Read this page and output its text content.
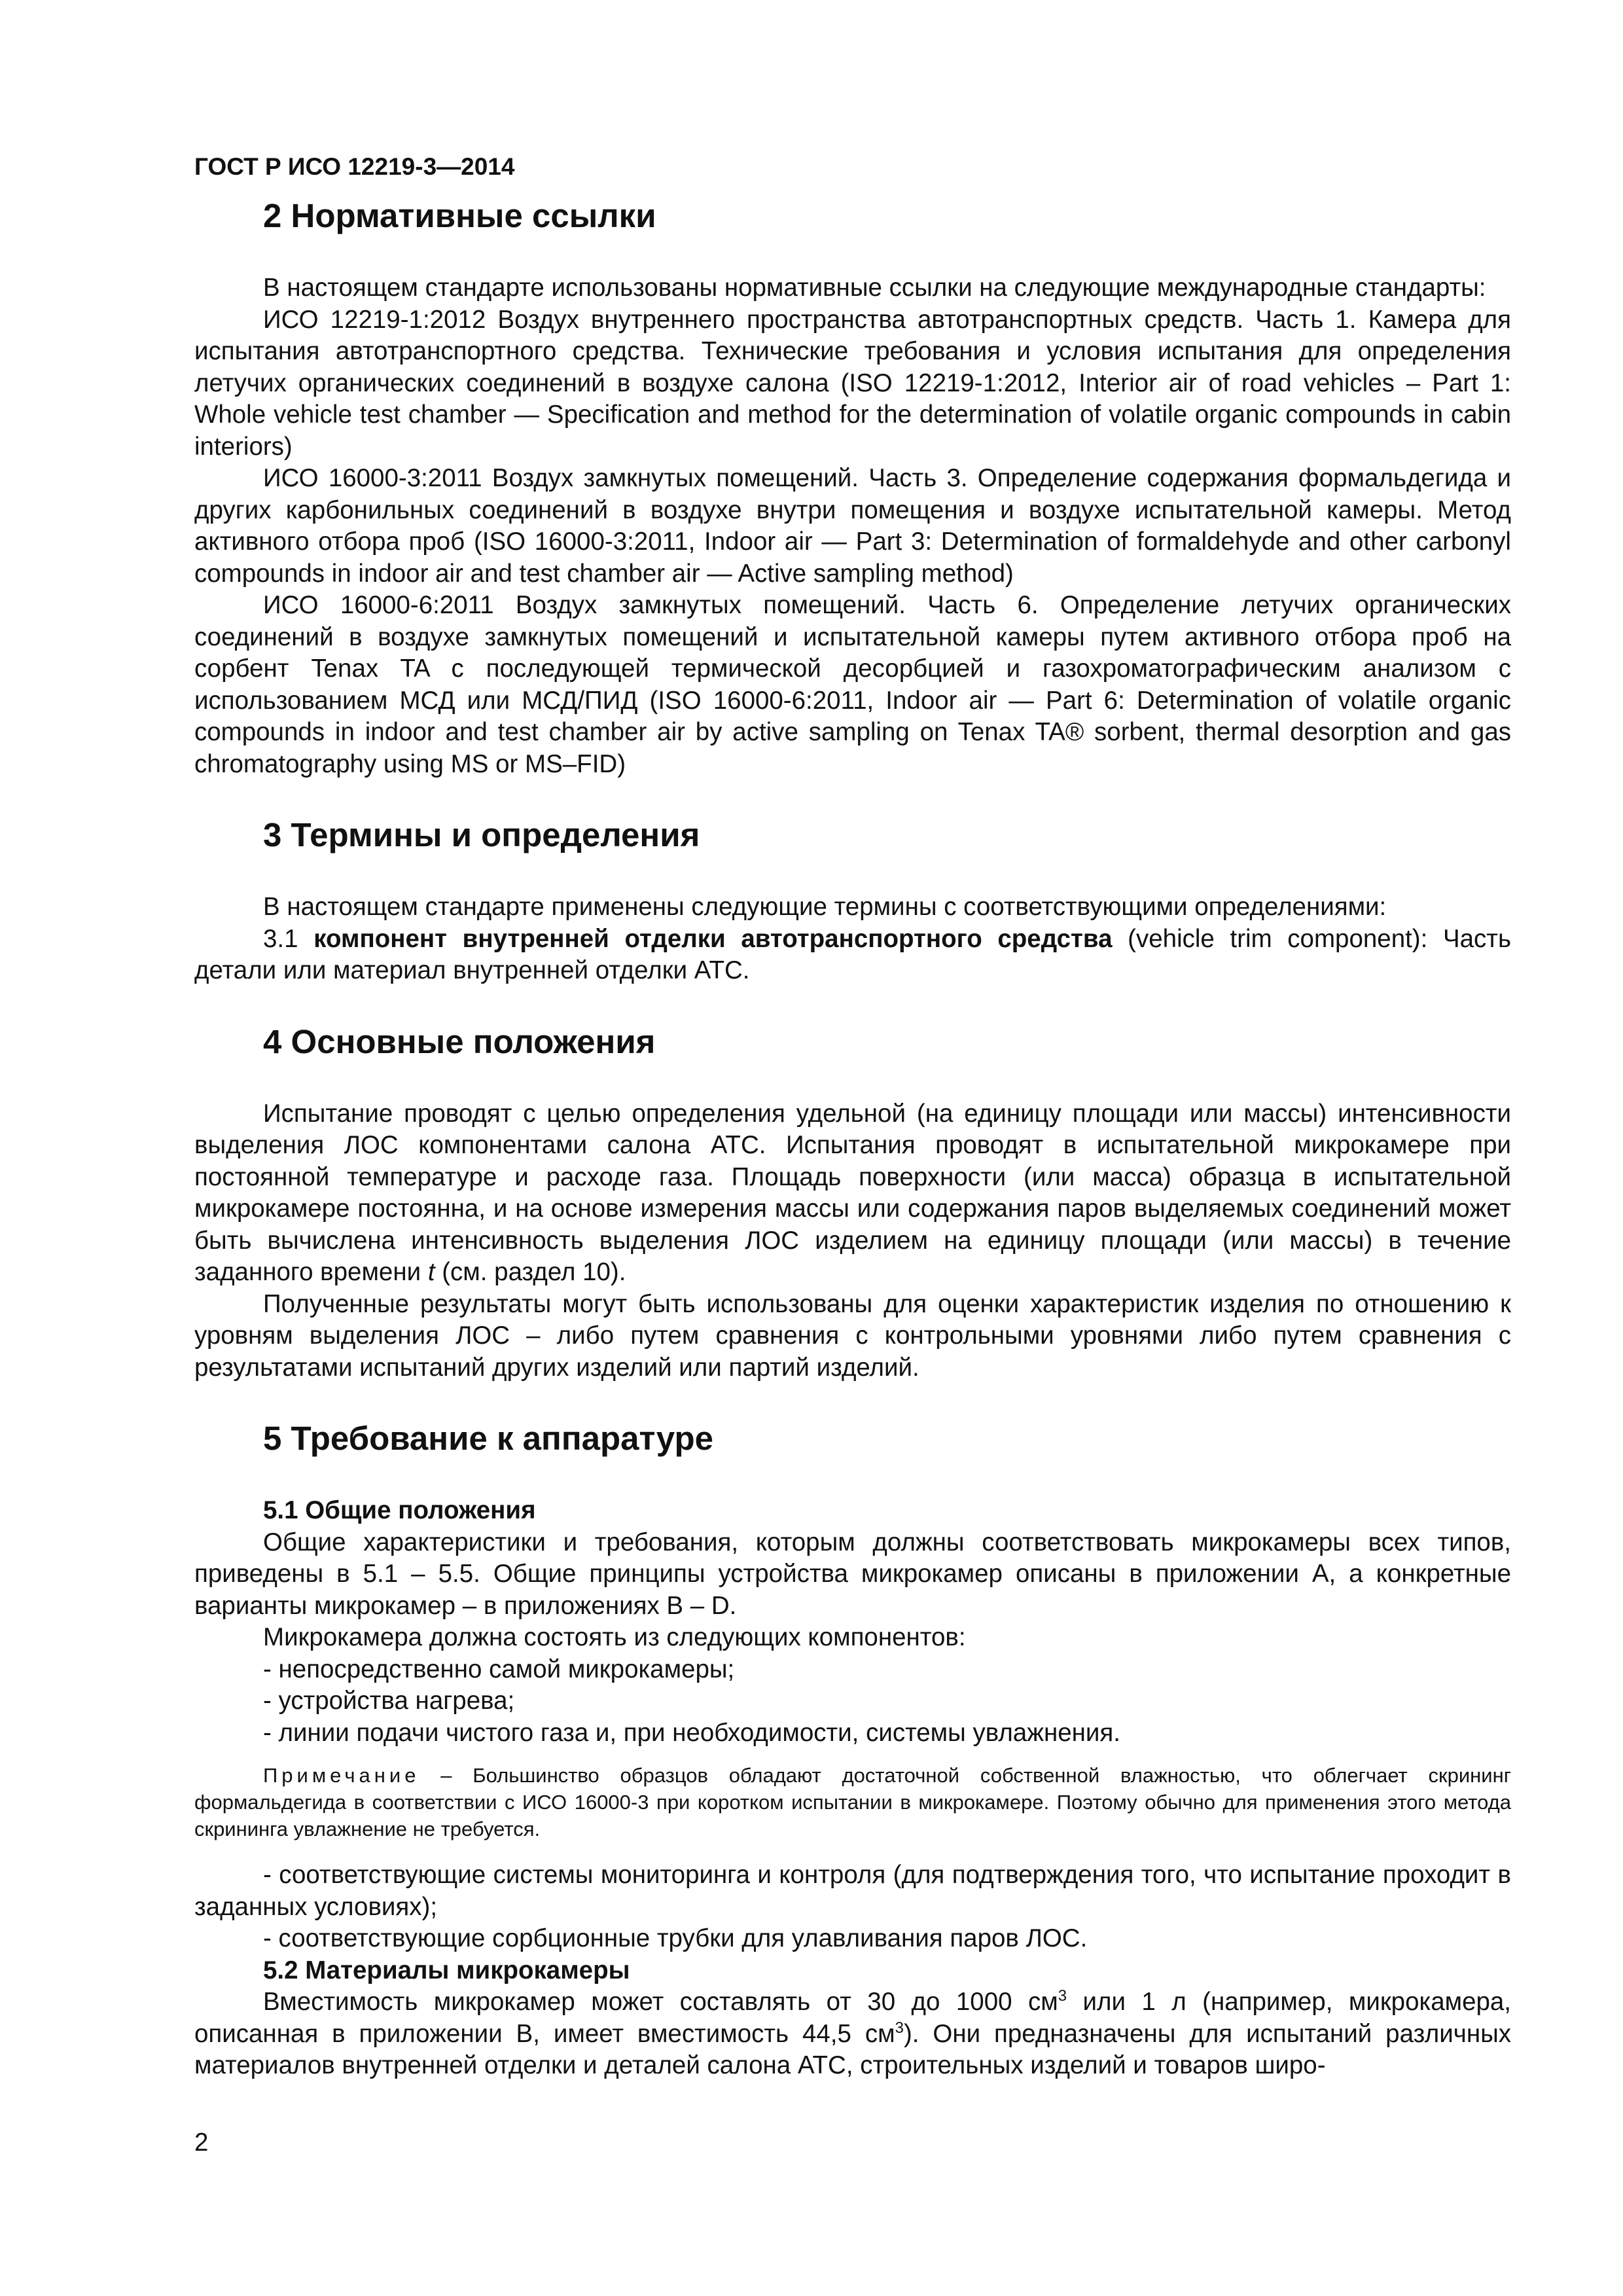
ГОСТ Р ИСО 12219-3—2014
2 Нормативные ссылки

В настоящем стандарте использованы нормативные ссылки на следующие международные стандарты:

ИСО 12219-1:2012 Воздух внутреннего пространства автотранспортных средств. Часть 1. Камера для испытания автотранспортного средства. Технические требования и условия испытания для определения летучих органических соединений в воздухе салона (ISO 12219-1:2012, Interior air of road vehicles – Part 1: Whole vehicle test chamber — Specification and method for the determination of volatile organic compounds in cabin interiors)

ИСО 16000-3:2011 Воздух замкнутых помещений. Часть 3. Определение содержания формальдегида и других карбонильных соединений в воздухе внутри помещения и воздухе испытательной камеры. Метод активного отбора проб (ISO 16000-3:2011, Indoor air — Part 3: Determination of formaldehyde and other carbonyl compounds in indoor air and test chamber air — Active sampling method)

ИСО 16000-6:2011 Воздух замкнутых помещений. Часть 6. Определение летучих органических соединений в воздухе замкнутых помещений и испытательной камеры путем активного отбора проб на сорбент Tenax TA с последующей термической десорбцией и газохроматографическим анализом с использованием МСД или МСД/ПИД (ISO 16000-6:2011, Indoor air — Part 6: Determination of volatile organic compounds in indoor and test chamber air by active sampling on Tenax TA® sorbent, thermal desorption and gas chromatography using MS or MS–FID)

3 Термины и определения

В настоящем стандарте применены следующие термины с соответствующими определениями:

3.1 компонент внутренней отделки автотранспортного средства (vehicle trim component): Часть детали или материал внутренней отделки АТС.

4 Основные положения

Испытание проводят с целью определения удельной (на единицу площади или массы) интенсивности выделения ЛОС компонентами салона АТС. Испытания проводят в испытательной микрокамере при постоянной температуре и расходе газа. Площадь поверхности (или масса) образца в испытательной микрокамере постоянна, и на основе измерения массы или содержания паров выделяемых соединений может быть вычислена интенсивность выделения ЛОС изделием на единицу площади (или массы) в течение заданного времени t (см. раздел 10).

Полученные результаты могут быть использованы для оценки характеристик изделия по отношению к уровням выделения ЛОС – либо путем сравнения с контрольными уровнями либо путем сравнения с результатами испытаний других изделий или партий изделий.

5 Требование к аппаратуре
5.1 Общие положения

Общие характеристики и требования, которым должны соответствовать микрокамеры всех типов, приведены в 5.1 – 5.5. Общие принципы устройства микрокамер описаны в приложении А, а конкретные варианты микрокамер – в приложениях B – D.

Микрокамера должна состоять из следующих компонентов:

- непосредственно самой микрокамеры;

- устройства нагрева;

- линии подачи чистого газа и, при необходимости, системы увлажнения.

Примечание – Большинство образцов обладают достаточной собственной влажностью, что облегчает скрининг формальдегида в соответствии с ИСО 16000-3 при коротком испытании в микрокамере. Поэтому обычно для применения этого метода скрининга увлажнение не требуется.

- соответствующие системы мониторинга и контроля (для подтверждения того, что испытание проходит в заданных условиях);

- соответствующие сорбционные трубки для улавливания паров ЛОС.

5.2 Материалы микрокамеры

Вместимость микрокамер может составлять от 30 до 1000 $см^3$ или 1 л (например, микрокамера, описанная в приложении B, имеет вместимость 44,5 $см^3$). Они предназначены для испытаний различных материалов внутренней отделки и деталей салона АТС, строительных изделий и товаров широ-

2
